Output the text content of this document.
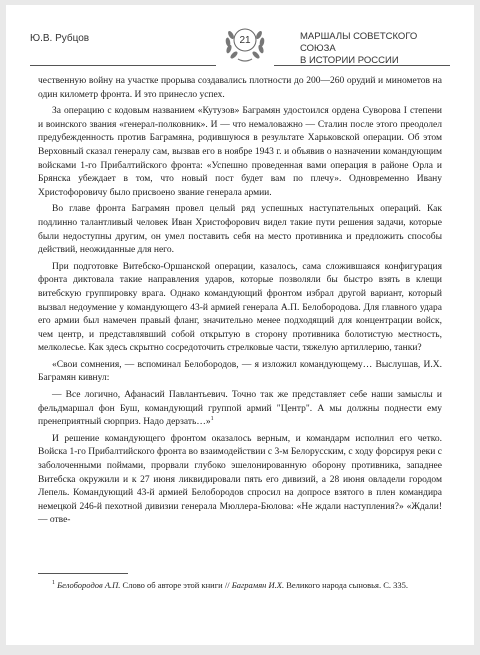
Ю.В. Рубцов	21	МАРШАЛЫ СОВЕТСКОГО СОЮЗА
В ИСТОРИИ РОССИИ

чественную войну на участке прорыва создавались плотности до 200—260 орудий и минометов на один километр фронта. И это принесло успех.

За операцию с кодовым названием «Кутузов» Баграмян удостоился ордена Суворова I степени и воинского звания «генерал-полковник». И — что немаловажно — Сталин после этого преодолел предубежденность против Баграмяна, родившуюся в результате Харьковской операции. Об этом Верховный сказал генералу сам, вызвав его в ноябре 1943 г. и объявив о назначении командующим войсками 1-го Прибалтийского фронта: «Успешно проведенная вами операция в районе Орла и Брянска убеждает в том, что новый пост будет вам по плечу». Одновременно Ивану Христофоровичу было присвоено звание генерала армии.

Во главе фронта Баграмян провел целый ряд успешных наступательных операций. Как подлинно талантливый человек Иван Христофорович видел такие пути решения задачи, которые были недоступны другим, он умел поставить себя на место противника и предложить способы действий, неожиданные для него.

При подготовке Витебско-Оршанской операции, казалось, сама сложившаяся конфигурация фронта диктовала такие направления ударов, которые позволяли бы быстро взять в клещи витебскую группировку врага. Однако командующий фронтом избрал другой вариант, который вызвал недоумение у командующего 43-й армией генерала А.П. Белобородова. Для главного удара его армии был намечен правый фланг, значительно менее подходящий для концентрации войск, чем центр, и представлявший собой открытую в сторону противника болотистую местность, мелколесье. Как здесь скрытно сосредоточить стрелковые части, тяжелую артиллерию, танки?

«Свои сомнения, — вспоминал Белобородов, — я изложил командующему… Выслушав, И.Х. Баграмян кивнул:

— Все логично, Афанасий Павлантьевич. Точно так же представляет себе наши замыслы и фельдмаршал фон Буш, командующий группой армий "Центр". А мы должны поднести ему пренеприятный сюрприз. Надо дерзать…»$^1$

И решение командующего фронтом оказалось верным, и командарм исполнил его четко. Войска 1-го Прибалтийского фронта во взаимодействии с 3-м Белорусским, с ходу форсируя реки с заболоченными поймами, прорвали глубоко эшелонированную оборону противника, западнее Витебска окружили и к 27 июня ликвидировали пять его дивизий, а 28 июня овладели городом Лепель. Командующий 43-й армией Белобородов спросил на допросе взятого в плен командира немецкой 246-й пехотной дивизии генерала Мюллера-Бюлова: «Не ждали наступления?» «Ждали! — отве-

$^1$ Белобородов А.П. Слово об авторе этой книги // Баграмян И.Х. Великого народа сыновья. С. 335.
